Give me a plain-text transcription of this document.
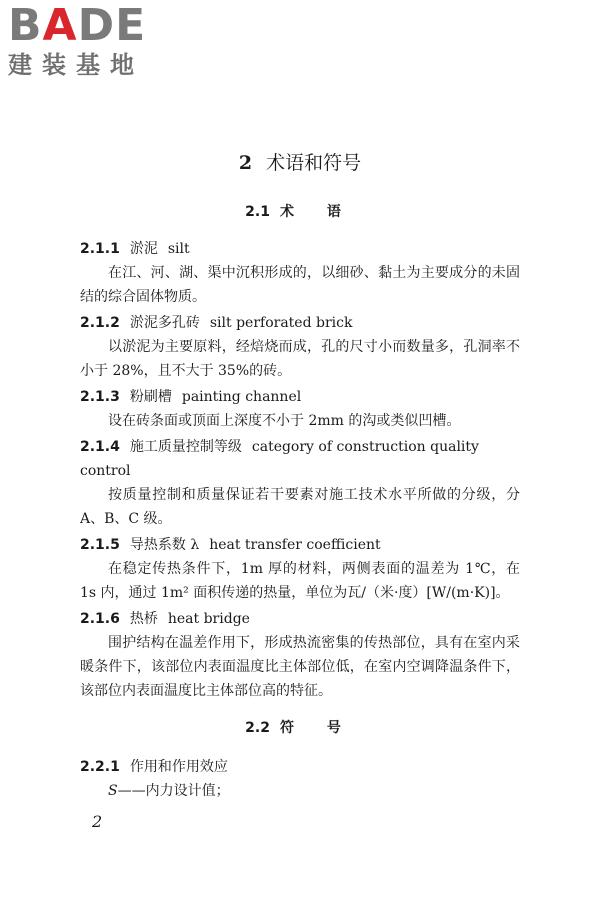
BADE
建装基地
2 术语和符号
2.1 术 语
2.1.1 淤泥 silt
在江、河、湖、渠中沉积形成的，以细砂、黏土为主要成分的未固结的综合固体物质。
2.1.2 淤泥多孔砖 silt perforated brick
以淤泥为主要原料，经焙烧而成，孔的尺寸小而数量多，孔洞率不小于 28%，且不大于 35%的砖。
2.1.3 粉刷槽 painting channel
设在砖条面或顶面上深度不小于 2mm 的沟或类似凹槽。
2.1.4 施工质量控制等级 category of construction quality control
按质量控制和质量保证若干要素对施工技术水平所做的分级，分 A、B、C 级。
2.1.5 导热系数 λ heat transfer coefficient
在稳定传热条件下，1m 厚的材料，两侧表面的温差为 1℃，在 1s 内，通过 1m² 面积传递的热量，单位为瓦/（米·度）[W/(m·K)]。
2.1.6 热桥 heat bridge
围护结构在温差作用下，形成热流密集的传热部位，具有在室内采暖条件下，该部位内表面温度比主体部位低，在室内空调降温条件下，该部位内表面温度比主体部位高的特征。
2.2 符 号
2.2.1 作用和作用效应
S——内力设计值；
2
